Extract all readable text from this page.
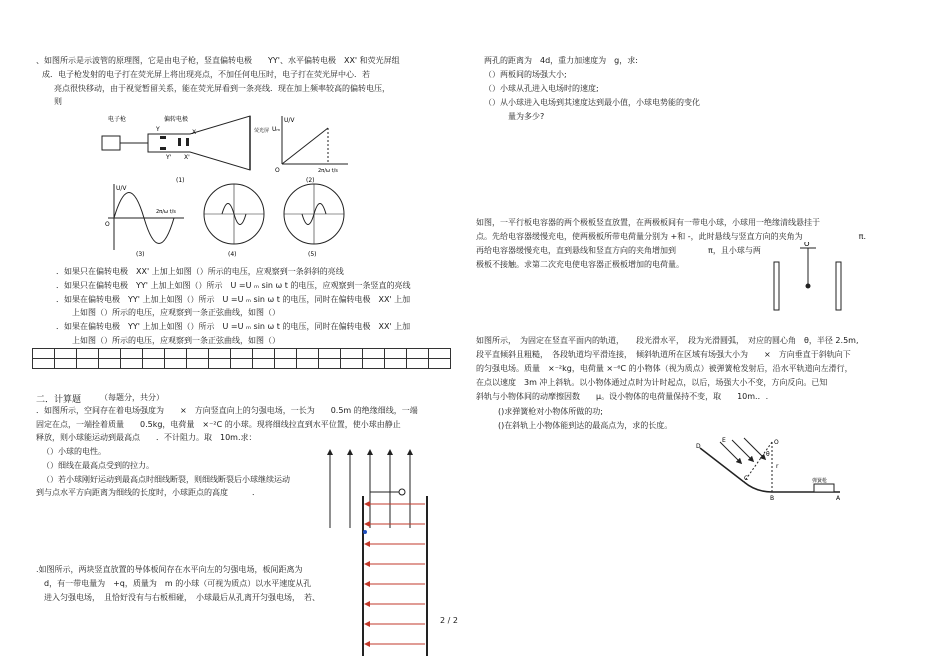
、如图所示是示波管的原理图，它是由电子枪，竖直偏转电极　　YY'、水平偏转电极　XX' 和荧光屏组
成．电子枪发射的电子打在荧光屏上将出现亮点，不加任何电压时，电子打在荧光屏中心．若
亮点很快移动，由于视觉暂留关系，能在荧光屏看到一条亮线．现在加上频率较高的偏转电压，
则
电子枪	偏转电极
荧光屏
Y
Y'
X
X'
(1)
U/V
Uₘ
O	2π/ω t/s
(2)
U/V
O
2π/ω t/s
(3)	(4)	(5)
．如果只在偏转电极　XX' 上加上如图（）所示的电压，应观察到一条斜斜的亮线
．如果只在偏转电极　YY' 上加上如图（）所示　U =U ₘ sin ω t 的电压，应观察到一条竖直的亮线
．如果在偏转电极　YY' 上加上如图（）所示　U =U ₘ sin ω t 的电压，同时在偏转电极　XX' 上加
　上如图（）所示的电压，应观察到一条正弦曲线，如图（）
．如果在偏转电极　YY' 上加上如图（）所示　U =U ₘ sin ω t 的电压，同时在偏转电极　XX' 上加
　上如图（）所示的电压，应观察到一条正弦曲线，如图（）

二．计算题 （每题分，共分）
．如图所示，空间存在着电场强度为　　×　方向竖直向上的匀强电场，一长为　　0.5m 的绝缘细线，一端
固定在点，一端拴着质量　　0.5kg，电荷量　×⁻²C 的小球。现将细线拉直到水平位置，使小球由静止
释放，则小球能运动到最高点　　．不计阻力。取　10m.求：
（）小球的电性。
（）细线在最高点受到的拉力。
（）若小球刚好运动到最高点时细线断裂，则细线断裂后小球继续运动
到与点水平方向距离为细线的长度时，小球距点的高度　　　．
.如图所示，两块竖直放置的导体板间存在水平向左的匀强电场，板间距离为
d，有一带电量为　+q，质量为　m 的小球（可视为质点）以水平速度从孔
进入匀强电场，　且恰好没有与右板相碰，　小球最后从孔离开匀强电场，　若、
两孔的距离为　4d，重力加速度为　g，求:
（）两板间的场强大小;
（）小球从孔进入电场时的速度;
（）从小球进入电场到其速度达到最小值，小球电势能的变化
　量为多少?
如图，一平行板电容器的两个极板竖直放置，在两极板间有一带电小球，小球用一绝缘清线悬挂于
点。先给电容器缓慢充电，使两极板所带电荷量分别为 +和 -，此时悬线与竖直方向的夹角为　　　　　　　π.
再给电容器缓慢充电，直到悬线和竖直方向的夹角增加到　　　　π，且小球与两
极板不接触。求第二次充电使电容器正极板增加的电荷量。
O
如图所示，　为固定在竖直平面内的轨道，　　段光滑水平，　段为光滑圆弧，　对应的圆心角　θ，半径 2.5m,
段平直倾斜且粗糙，　各段轨道均平滑连接，　倾斜轨道所在区域有场强大小为　　×　方向垂直于斜轨向下
的匀强电场。质量　×⁻²kg，电荷量 ×⁻⁶C 的小物体（视为质点）被弹簧枪发射后，沿水平轨道向左滑行，
在点以速度　3m 冲上斜轨。以小物体通过点时为计时起点，以后，场强大小不变，方向反向。已知
斜轨与小物体间的动摩擦因数　　μ。设小物体的电荷量保持不变，取　　10m.．.
()求弹簧枪对小物体所做的功;
()在斜轨上小物体能到达的最高点为，求的长度。
E	O
D
C
B	A
θ
r
弹簧枪
2 / 2
